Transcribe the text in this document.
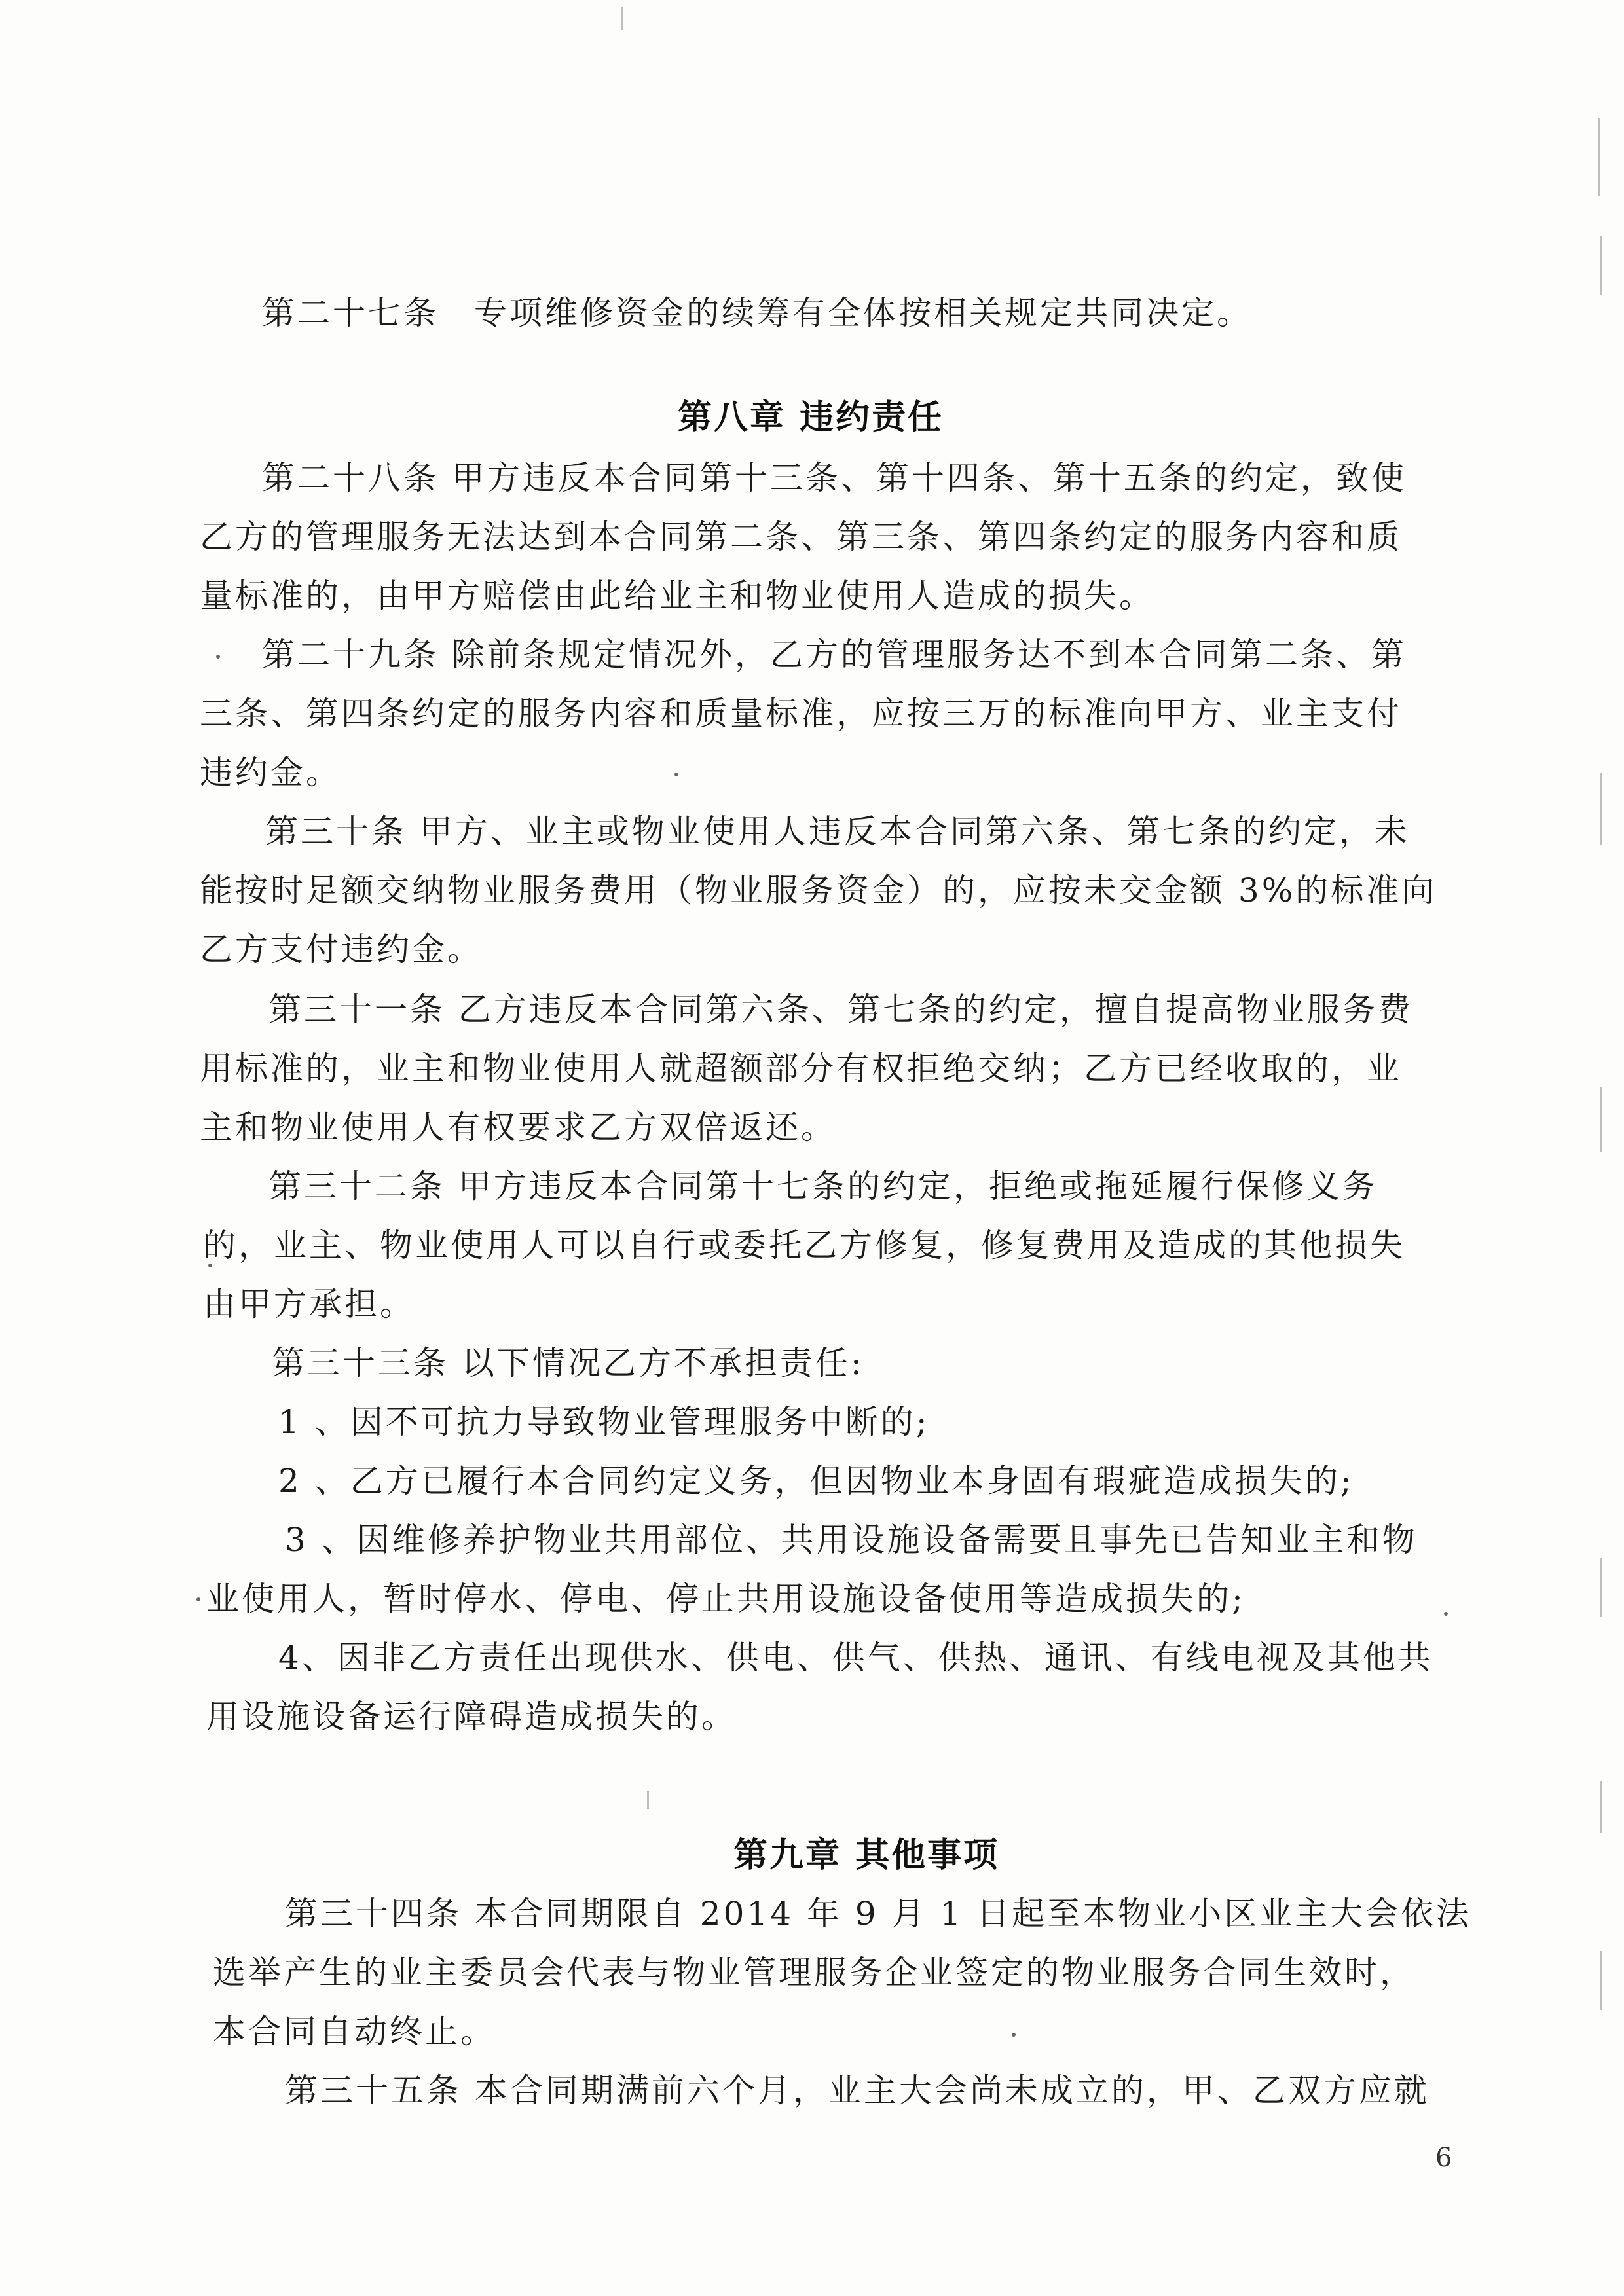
第二十七条　专项维修资金的续筹有全体按相关规定共同决定。
第八章 违约责任
第二十八条 甲方违反本合同第十三条、第十四条、第十五条的约定，致使
乙方的管理服务无法达到本合同第二条、第三条、第四条约定的服务内容和质
量标准的，由甲方赔偿由此给业主和物业使用人造成的损失。
第二十九条 除前条规定情况外，乙方的管理服务达不到本合同第二条、第
三条、第四条约定的服务内容和质量标准，应按三万的标准向甲方、业主支付
违约金。
第三十条 甲方、业主或物业使用人违反本合同第六条、第七条的约定，未
能按时足额交纳物业服务费用（物业服务资金）的，应按未交金额 3%的标准向
乙方支付违约金。
第三十一条 乙方违反本合同第六条、第七条的约定，擅自提高物业服务费
用标准的，业主和物业使用人就超额部分有权拒绝交纳；乙方已经收取的，业
主和物业使用人有权要求乙方双倍返还。
第三十二条 甲方违反本合同第十七条的约定，拒绝或拖延履行保修义务
的，业主、物业使用人可以自行或委托乙方修复，修复费用及造成的其他损失
由甲方承担。
第三十三条 以下情况乙方不承担责任:
1 、因不可抗力导致物业管理服务中断的;
2 、乙方已履行本合同约定义务，但因物业本身固有瑕疵造成损失的;
3 、因维修养护物业共用部位、共用设施设备需要且事先已告知业主和物
业使用人，暂时停水、停电、停止共用设施设备使用等造成损失的;
4、因非乙方责任出现供水、供电、供气、供热、通讯、有线电视及其他共
用设施设备运行障碍造成损失的。
第九章 其他事项
第三十四条 本合同期限自 2014 年 9 月 1 日起至本物业小区业主大会依法
选举产生的业主委员会代表与物业管理服务企业签定的物业服务合同生效时，
本合同自动终止。
第三十五条 本合同期满前六个月，业主大会尚未成立的，甲、乙双方应就
6
